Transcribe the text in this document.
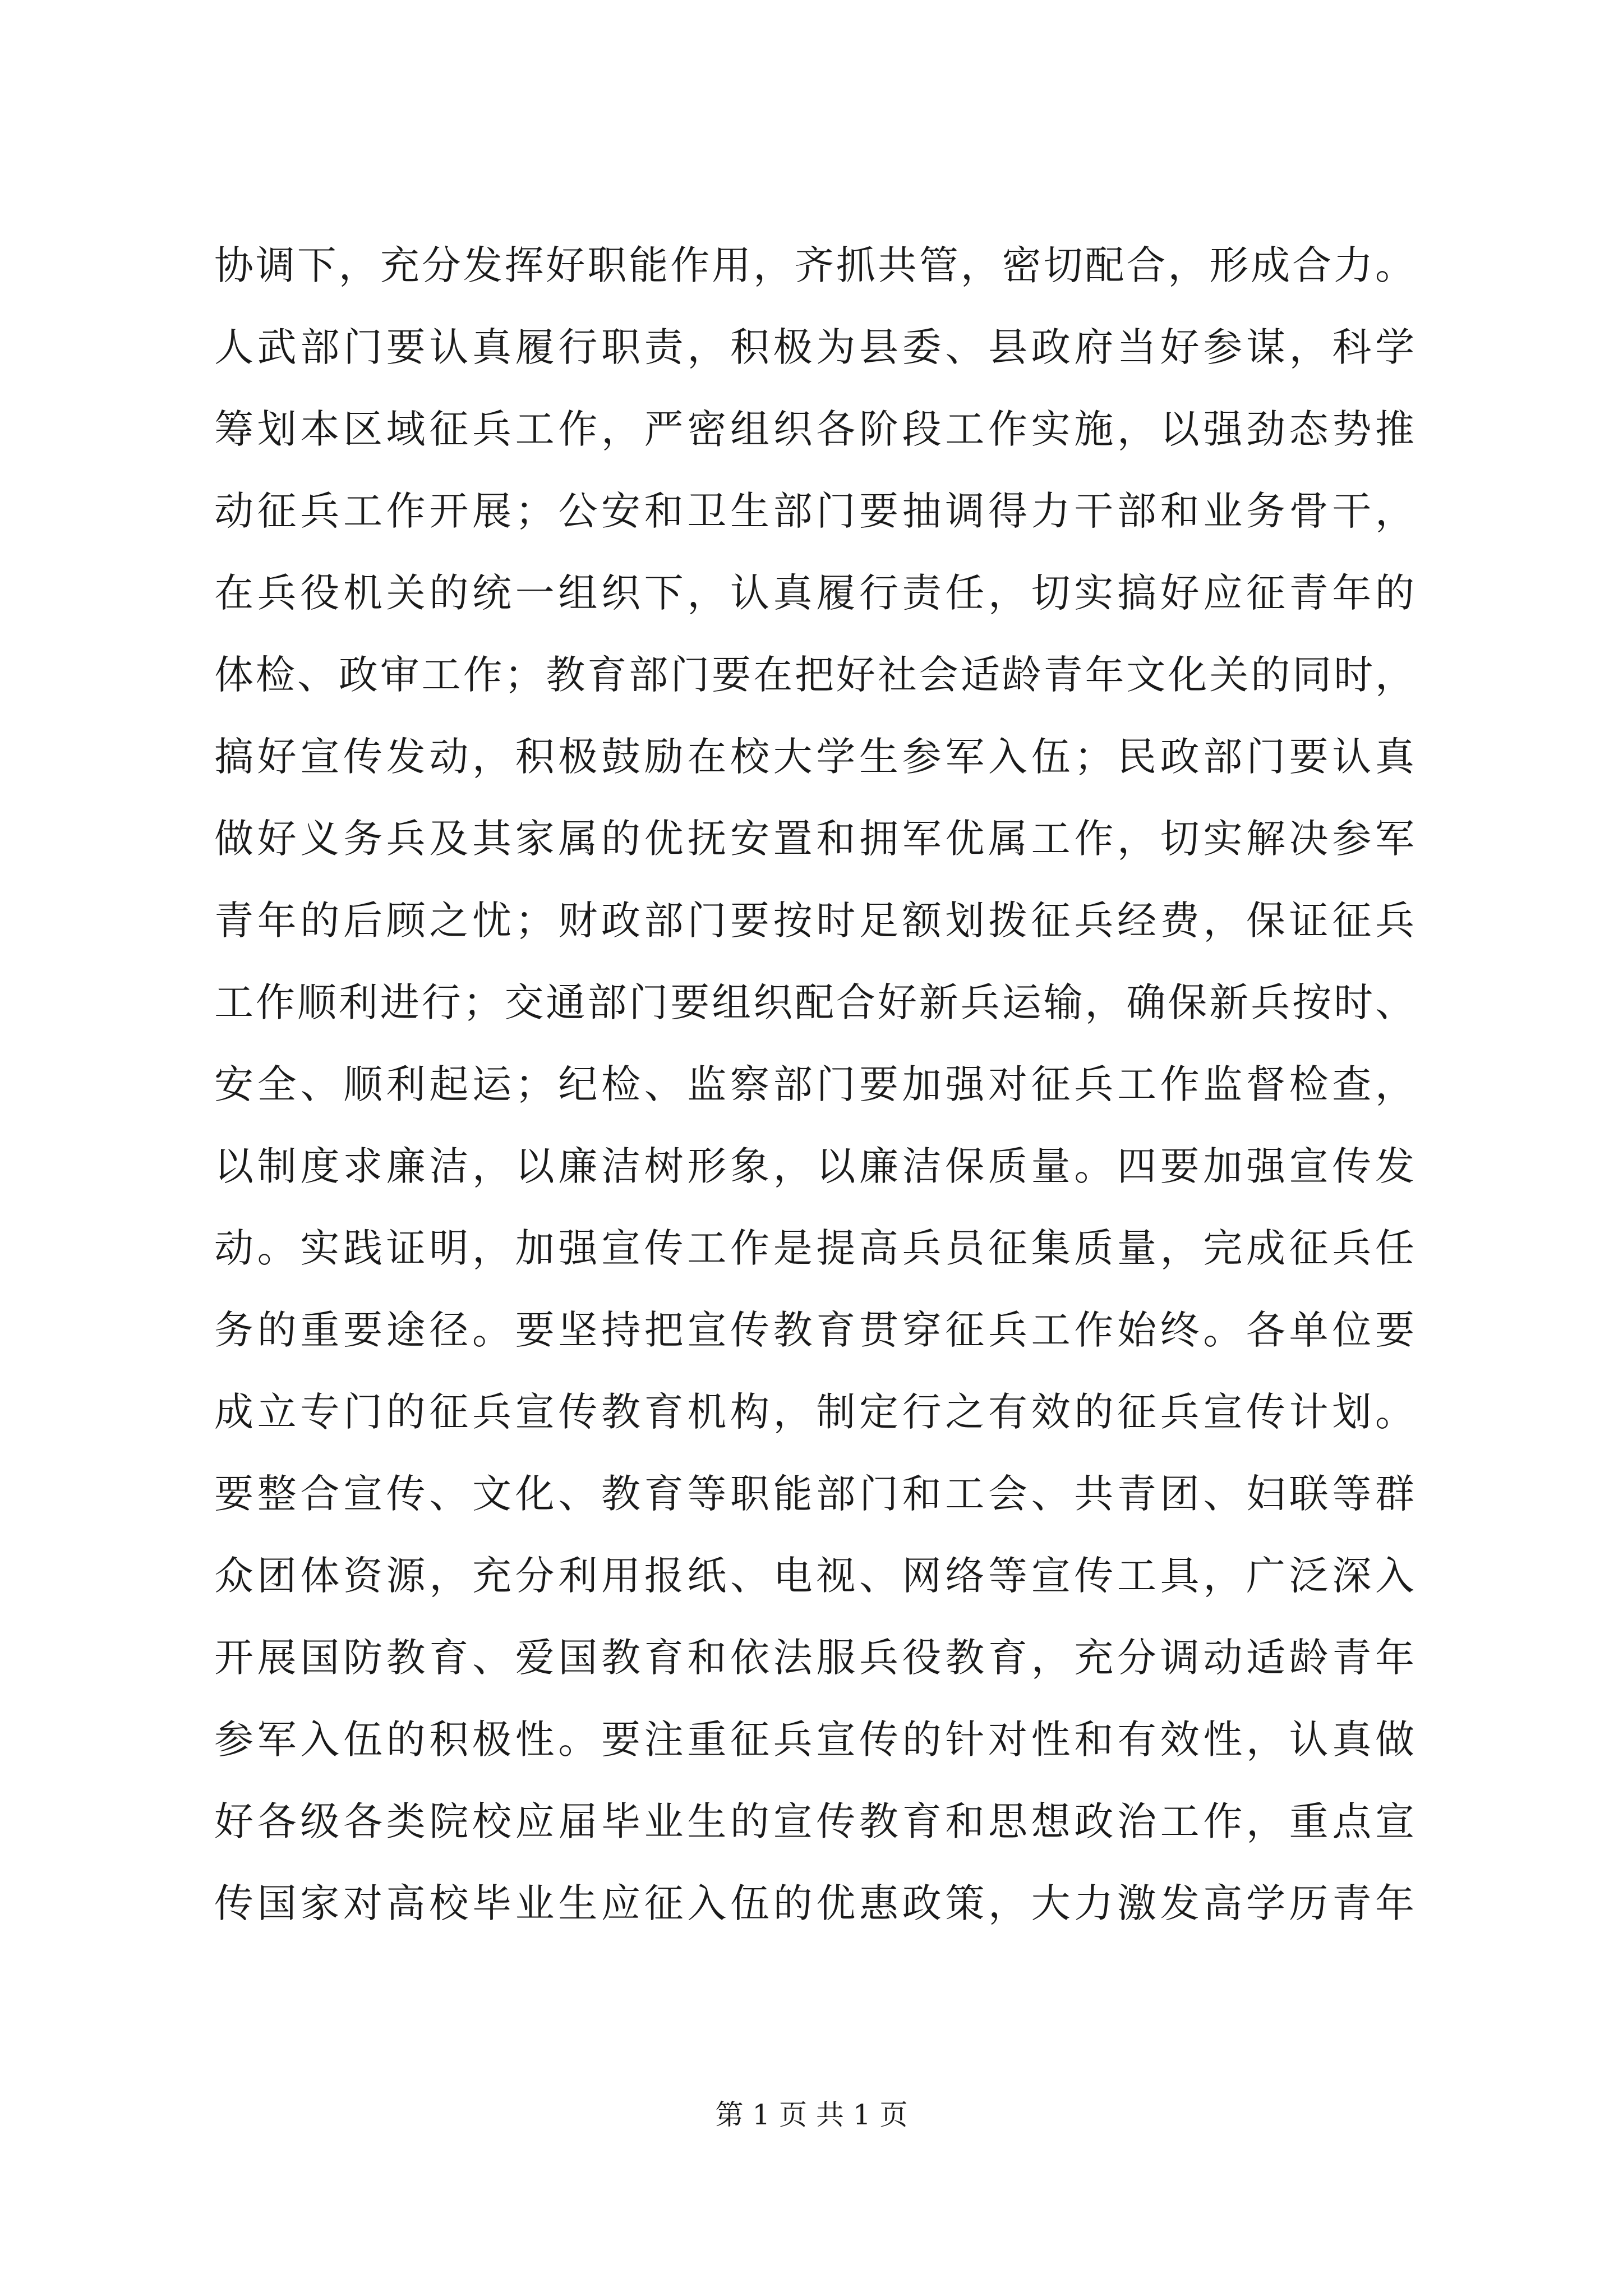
协调下，充分发挥好职能作用，齐抓共管，密切配合，形成合力。
人武部门要认真履行职责，积极为县委、县政府当好参谋，科学
筹划本区域征兵工作，严密组织各阶段工作实施，以强劲态势推
动征兵工作开展；公安和卫生部门要抽调得力干部和业务骨干，
在兵役机关的统一组织下，认真履行责任，切实搞好应征青年的
体检、政审工作；教育部门要在把好社会适龄青年文化关的同时，
搞好宣传发动，积极鼓励在校大学生参军入伍；民政部门要认真
做好义务兵及其家属的优抚安置和拥军优属工作，切实解决参军
青年的后顾之忧；财政部门要按时足额划拨征兵经费，保证征兵
工作顺利进行；交通部门要组织配合好新兵运输，确保新兵按时、
安全、顺利起运；纪检、监察部门要加强对征兵工作监督检查，
以制度求廉洁，以廉洁树形象，以廉洁保质量。四要加强宣传发
动。实践证明，加强宣传工作是提高兵员征集质量，完成征兵任
务的重要途径。要坚持把宣传教育贯穿征兵工作始终。各单位要
成立专门的征兵宣传教育机构，制定行之有效的征兵宣传计划。
要整合宣传、文化、教育等职能部门和工会、共青团、妇联等群
众团体资源，充分利用报纸、电视、网络等宣传工具，广泛深入
开展国防教育、爱国教育和依法服兵役教育，充分调动适龄青年
参军入伍的积极性。要注重征兵宣传的针对性和有效性，认真做
好各级各类院校应届毕业生的宣传教育和思想政治工作，重点宣
传国家对高校毕业生应征入伍的优惠政策，大力激发高学历青年
第 1 页 共 1 页
